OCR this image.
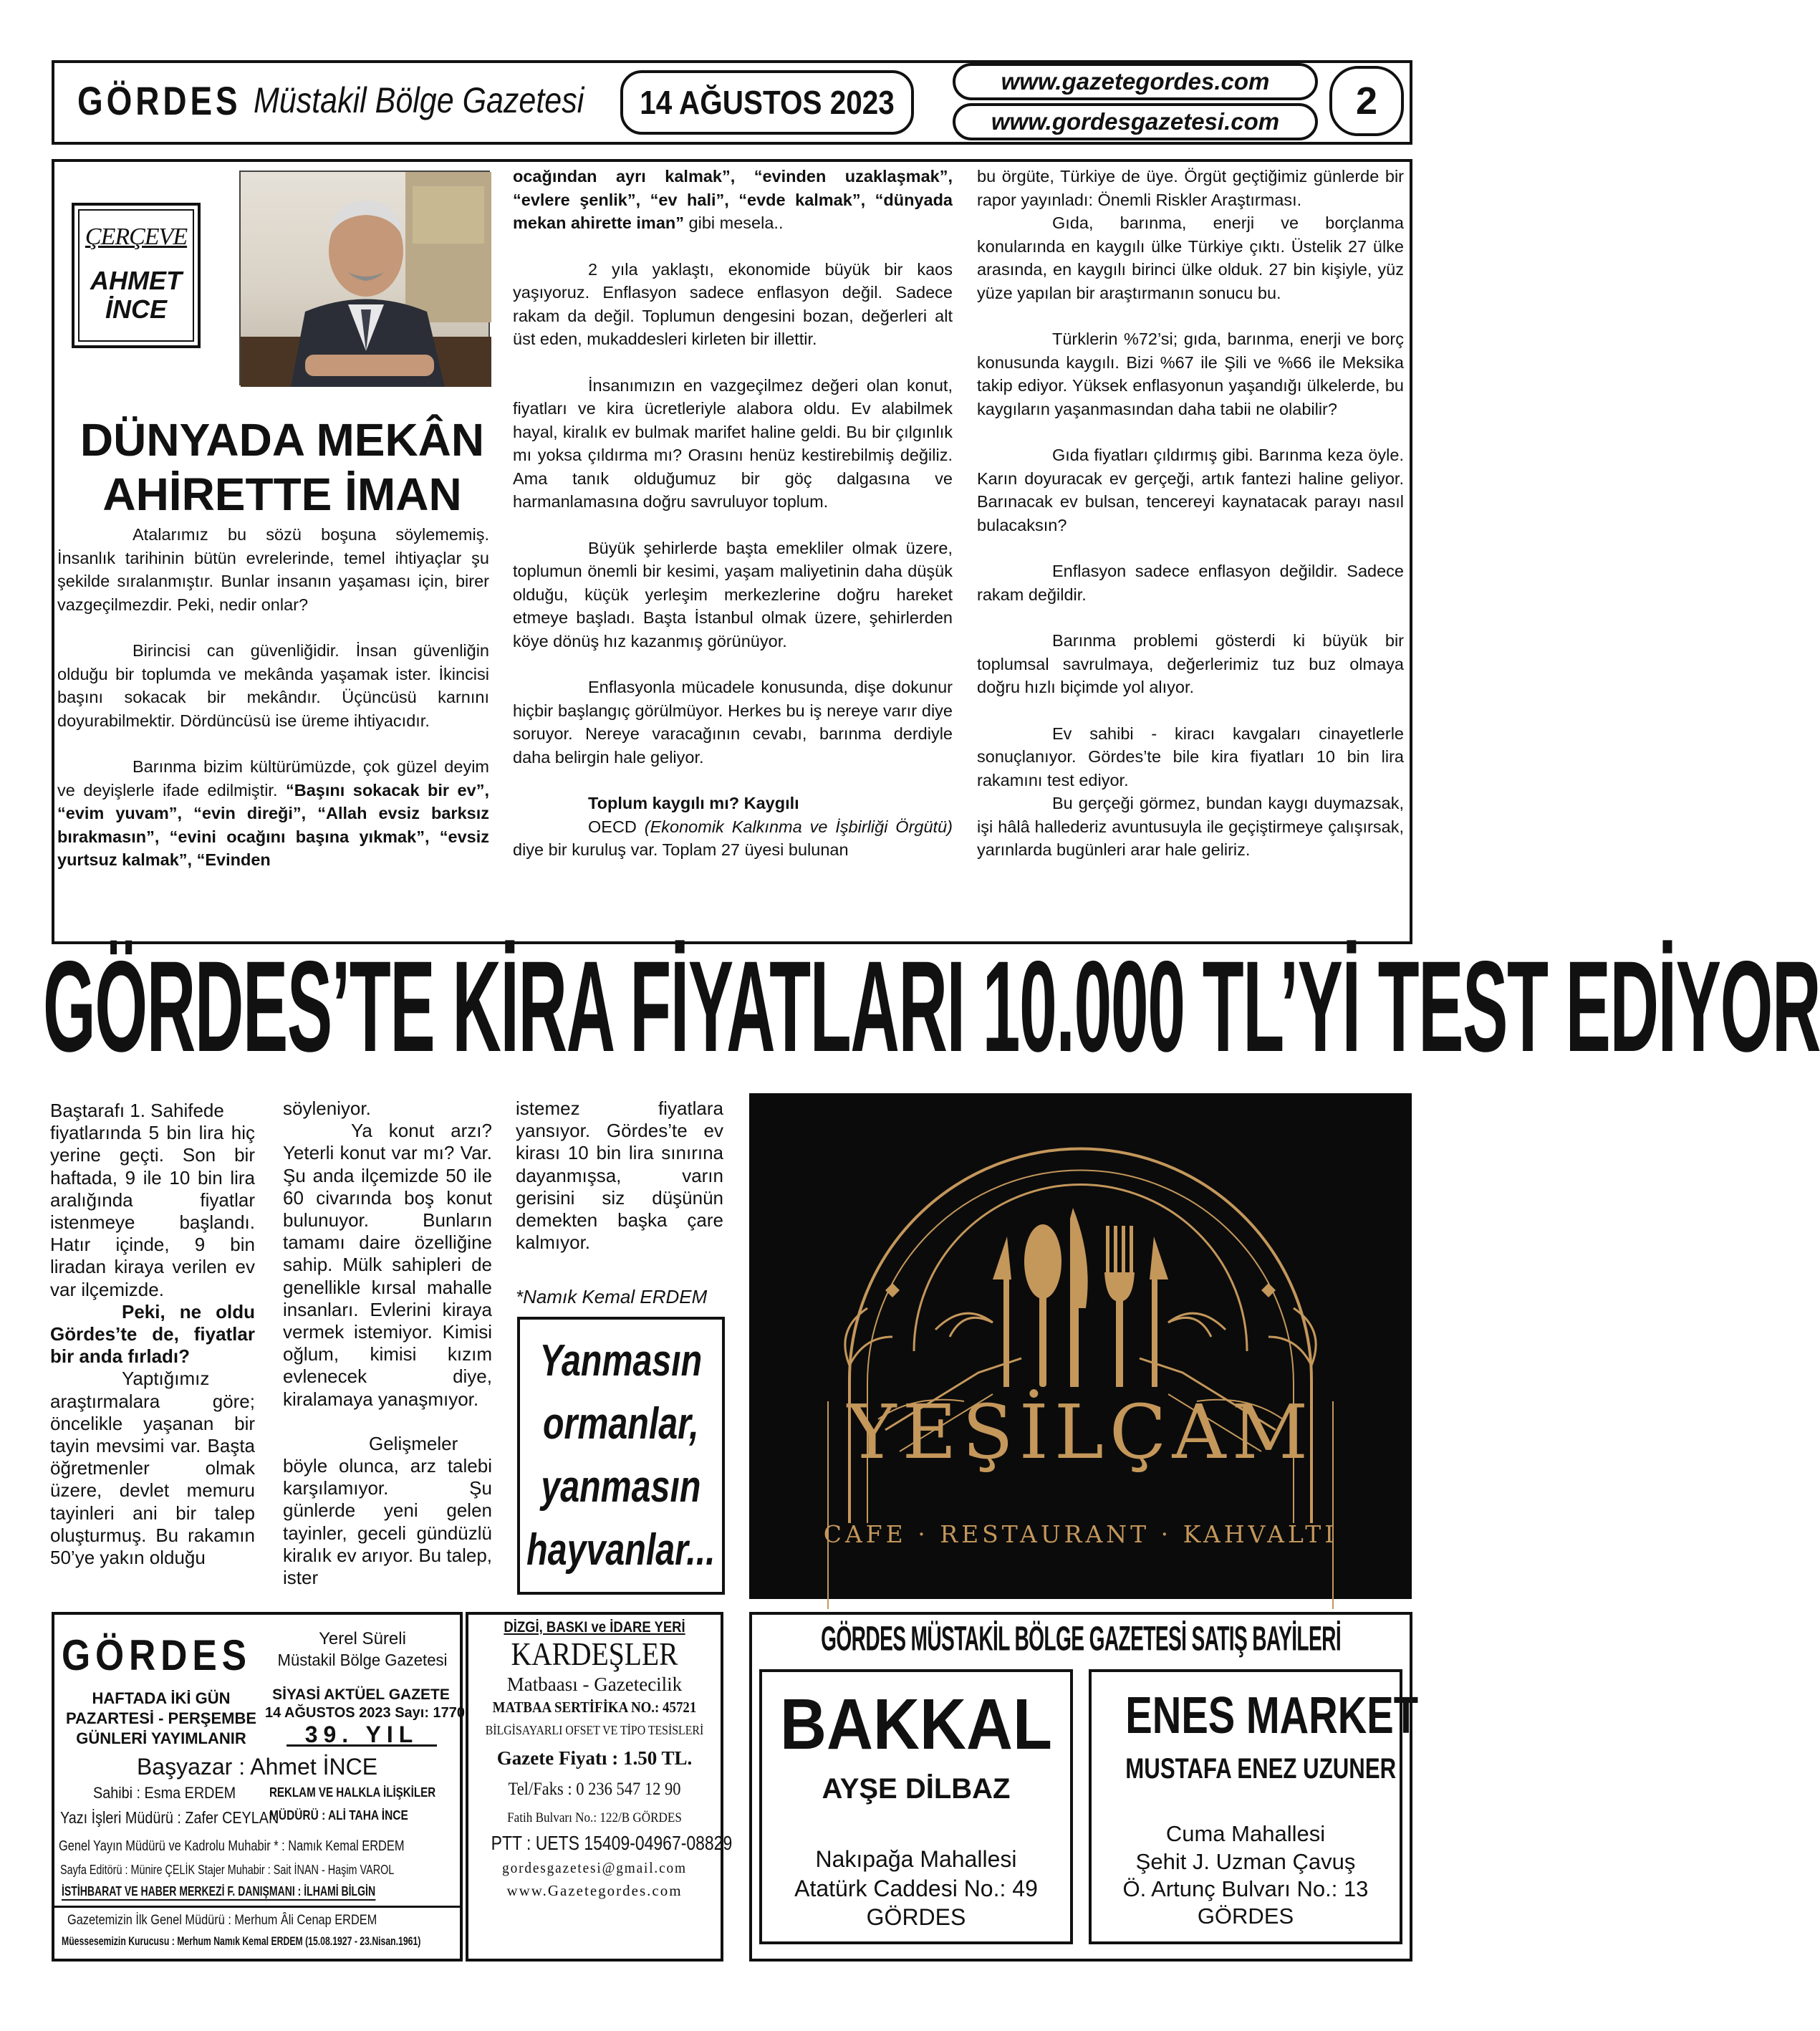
GÖRDES Müstakil Bölge Gazetesi 14 AĞUSTOS 2023
www.gazetegordes.com
www.gordesgazetesi.com 2
ÇERÇEVE
AHMET
İNCE
DÜNYADA MEKÂN
AHİRETTE İMAN

Atalarımız bu sözü boşuna söylememiş. İnsanlık tarihinin bütün evrelerinde, temel ihtiyaçlar şu şekilde sıralanmıştır. Bunlar insanın yaşaması için, birer vazgeçilmezdir. Peki, nedir onlar?

Birincisi can güvenliğidir. İnsan güvenliğin olduğu bir toplumda ve mekânda yaşamak ister. İkincisi başını sokacak bir mekândır. Üçüncüsü karnını doyurabilmektir. Dördüncüsü ise üreme ihtiyacıdır.

Barınma bizim kültürümüzde, çok güzel deyim ve deyişlerle ifade edilmiştir. “Başını sokacak bir ev”, “evim yuvam”, “evin direği”, “Allah evsiz barksız bırakmasın”, “evini ocağını başına yıkmak”, “evsiz yurtsuz kalmak”, “Evinden

ocağından ayrı kalmak”, “evinden uzaklaşmak”, “evlere şenlik”, “ev hali”, “evde kalmak”, “dünyada mekan ahirette iman” gibi mesela..

2 yıla yaklaştı, ekonomide büyük bir kaos yaşıyoruz. Enflasyon sadece enflasyon değil. Sadece rakam da değil. Toplumun dengesini bozan, değerleri alt üst eden, mukaddesleri kirleten bir illettir.

İnsanımızın en vazgeçilmez değeri olan konut, fiyatları ve kira ücretleriyle alabora oldu. Ev alabilmek hayal, kiralık ev bulmak marifet haline geldi. Bu bir çılgınlık mı yoksa çıldırma mı? Orasını henüz kestirebilmiş değiliz. Ama tanık olduğumuz bir göç dalgasına ve harmanlamasına doğru savruluyor toplum.

Büyük şehirlerde başta emekliler olmak üzere, toplumun önemli bir kesimi, yaşam maliyetinin daha düşük olduğu, küçük yerleşim merkezlerine doğru hareket etmeye başladı. Başta İstanbul olmak üzere, şehirlerden köye dönüş hız kazanmış görünüyor.

Enflasyonla mücadele konusunda, dişe dokunur hiçbir başlangıç görülmüyor. Herkes bu iş nereye varır diye soruyor. Nereye varacağının cevabı, barınma derdiyle daha belirgin hale geliyor.

Toplum kaygılı mı? Kaygılı

OECD (Ekonomik Kalkınma ve İşbirliği Örgütü) diye bir kuruluş var. Toplam 27 üyesi bulunan

bu örgüte, Türkiye de üye. Örgüt geçtiğimiz günlerde bir rapor yayınladı: Önemli Riskler Araştırması.

Gıda, barınma, enerji ve borçlanma konularında en kaygılı ülke Türkiye çıktı. Üstelik 27 ülke arasında, en kaygılı birinci ülke olduk. 27 bin kişiyle, yüz yüze yapılan bir araştırmanın sonucu bu.

Türklerin %72’si; gıda, barınma, enerji ve borç konusunda kaygılı. Bizi %67 ile Şili ve %66 ile Meksika takip ediyor. Yüksek enflasyonun yaşandığı ülkelerde, bu kaygıların yaşanmasından daha tabii ne olabilir?

Gıda fiyatları çıldırmış gibi. Barınma keza öyle. Karın doyuracak ev gerçeği, artık fantezi haline geliyor. Barınacak ev bulsan, tencereyi kaynatacak parayı nasıl bulacaksın?

Enflasyon sadece enflasyon değildir. Sadece rakam değildir.

Barınma problemi gösterdi ki büyük bir toplumsal savrulmaya, değerlerimiz tuz buz olmaya doğru hızlı biçimde yol alıyor.

Ev sahibi - kiracı kavgaları cinayetlerle sonuçlanıyor. Gördes’te bile kira fiyatları 10 bin lira rakamını test ediyor.

Bu gerçeği görmez, bundan kaygı duymazsak, işi hâlâ hallederiz avuntusuyla ile geçiştirmeye çalışırsak, yarınlarda bugünleri arar hale geliriz.

GÖRDES’TE KİRA FİYATLARI 10.000 TL’Yİ TEST EDİYOR

Baştarafı 1. Sahifede

fiyatlarında 5 bin lira hiç yerine geçti. Son bir haftada, 9 ile 10 bin lira aralığında fiyatlar istenmeye başlandı. Hatır içinde, 9 bin liradan kiraya verilen ev var ilçemizde.

Peki, ne oldu Gördes’te de, fiyatlar bir anda fırladı?

Yaptığımız araştırmalara göre; öncelikle yaşanan bir tayin mevsimi var. Başta öğretmenler olmak üzere, devlet memuru tayinleri ani bir talep oluşturmuş. Bu rakamın 50’ye yakın olduğu

söyleniyor.

Ya konut arzı? Yeterli konut var mı? Var. Şu anda ilçemizde 50 ile 60 civarında boş konut bulunuyor. Bunların tamamı daire özelliğine sahip. Mülk sahipleri de genellikle kırsal mahalle insanları. Evlerini kiraya vermek istemiyor. Kimisi oğlum, kimisi kızım evlenecek diye, kiralamaya yanaşmıyor.

Gelişmeler böyle olunca, arz talebi karşılamıyor. Şu günlerde yeni gelen tayinler, geceli gündüzlü kiralık ev arıyor. Bu talep, ister

istemez fiyatlara yansıyor. Gördes’te ev kirası 10 bin lira sınırına dayanmışsa, varın gerisini siz düşünün demekten başka çare kalmıyor.

*Namık Kemal ERDEM
Yanmasın ormanlar, yanmasın hayvanlar...
YEŞİLÇAM
CAFE · RESTAURANT · KAHVALTI
GÖRDES	Yerel Süreli
Müstakil Bölge Gazetesi
HAFTADA İKİ GÜN
PAZARTESİ - PERŞEMBE
GÜNLERİ YAYIMLANIR
SİYASİ AKTÜEL GAZETE
14 AĞUSTOS 2023 Sayı: 1770
39. YIL
Başyazar : Ahmet İNCE
Sahibi : Esma ERDEM	REKLAM VE HALKLA İLİŞKİLER
Yazı İşleri Müdürü : Zafer CEYLAN
MÜDÜRÜ : ALİ TAHA İNCE
Genel Yayın Müdürü ve Kadrolu Muhabir * : Namık Kemal ERDEM
Sayfa Editörü : Münire ÇELİK Stajer Muhabir : Sait İNAN - Haşim VAROL
İSTİHBARAT VE HABER MERKEZİ F. DANIŞMANI : İLHAMİ BİLGİN
Gazetemizin İlk Genel Müdürü : Merhum Âli Cenap ERDEM
Müessesemizin Kurucusu : Merhum Namık Kemal ERDEM (15.08.1927 - 23.Nisan.1961)
DİZGİ, BASKI ve İDARE YERİ
KARDEŞLER
Matbaası - Gazetecilik
MATBAA SERTİFİKA NO.: 45721
BİLGİSAYARLI OFSET VE TİPO TESİSLERİ
Gazete Fiyatı : 1.50 TL.
Tel/Faks : 0 236 547 12 90
Fatih Bulvarı No.: 122/B GÖRDES
PTT : UETS 15409-04967-08829
gordesgazetesi@gmail.com
www.Gazetegordes.com
GÖRDES MÜSTAKİL BÖLGE GAZETESİ SATIŞ BAYİLERİ
BAKKAL
AYŞE DİLBAZ
Nakıpağa Mahallesi
Atatürk Caddesi No.: 49
GÖRDES
ENES MARKET
MUSTAFA ENEZ UZUNER
Cuma Mahallesi
Şehit J. Uzman Çavuş
Ö. Artunç Bulvarı No.: 13
GÖRDES
